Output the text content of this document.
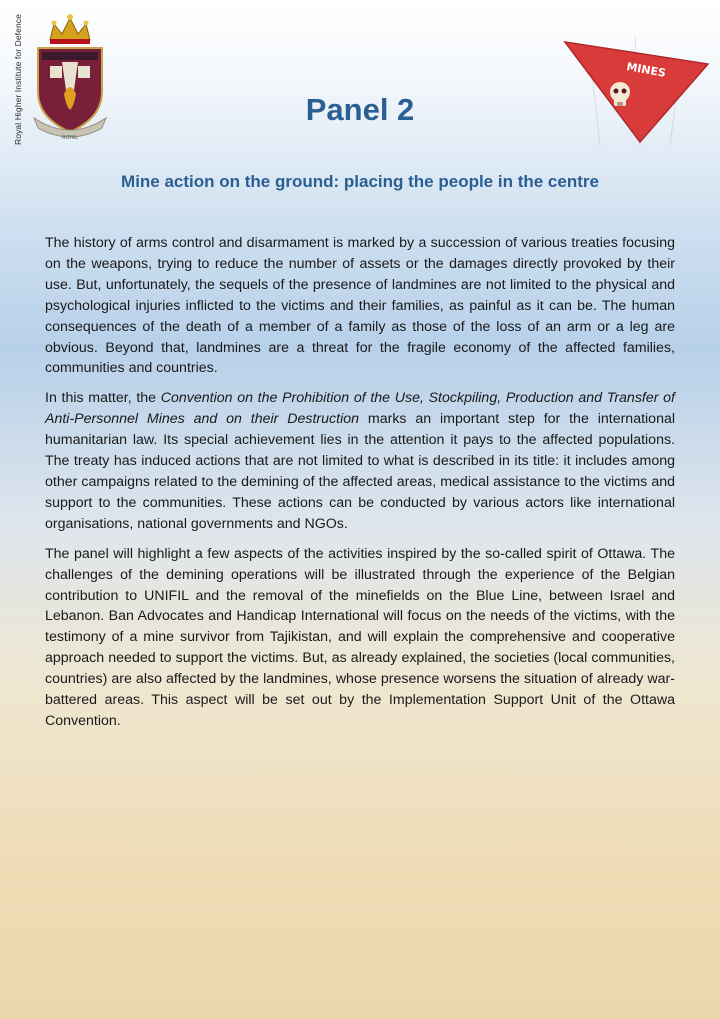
Royal Higher Institute for Defence	ROYAL
MINES
Panel 2
Mine action on the ground: placing the people in the centre

The history of arms control and disarmament is marked by a succession of various treaties focusing on the weapons, trying to reduce the number of assets or the damages directly provoked by their use. But, unfortunately, the sequels of the presence of landmines are not limited to the physical and psychological injuries inflicted to the victims and their families, as painful as it can be. The human consequences of the death of a member of a family as those of the loss of an arm or a leg are obvious. Beyond that, landmines are a threat for the fragile economy of the affected families, communities and countries.

In this matter, the Convention on the Prohibition of the Use, Stockpiling, Production and Transfer of Anti-Personnel Mines and on their Destruction marks an important step for the international humanitarian law. Its special achievement lies in the attention it pays to the affected populations. The treaty has induced actions that are not limited to what is described in its title: it includes among other campaigns related to the demining of the affected areas, medical assistance to the victims and support to the communities. These actions can be conducted by various actors like international organisations, national governments and NGOs.

The panel will highlight a few aspects of the activities inspired by the so-called spirit of Ottawa. The challenges of the demining operations will be illustrated through the experience of the Belgian contribution to UNIFIL and the removal of the minefields on the Blue Line, between Israel and Lebanon. Ban Advocates and Handicap International will focus on the needs of the victims, with the testimony of a mine survivor from Tajikistan, and will explain the comprehensive and cooperative approach needed to support the victims. But, as already explained, the societies (local communities, countries) are also affected by the landmines, whose presence worsens the situation of already war-battered areas. This aspect will be set out by the Implementation Support Unit of the Ottawa Convention.
